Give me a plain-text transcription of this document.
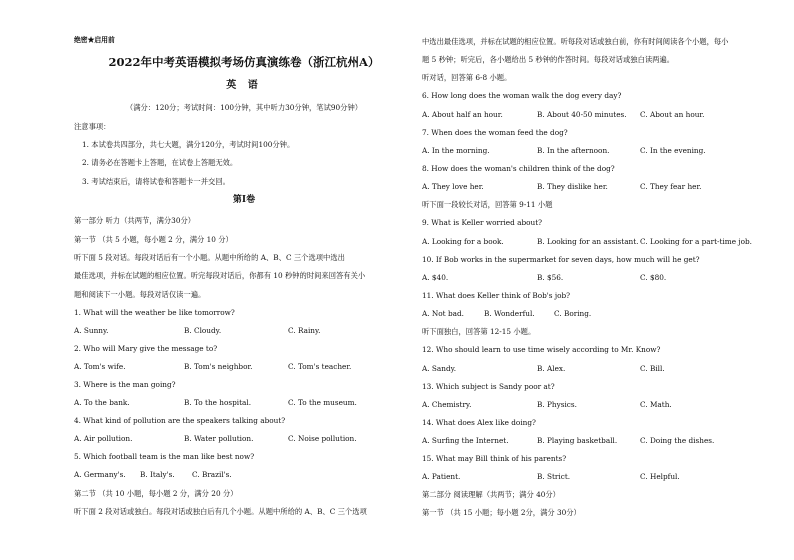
绝密★启用前
2022年中考英语模拟考场仿真演练卷（浙江杭州A）
英 语
（满分：120分；考试时间：100分钟，其中听力30分钟，笔试90分钟）
注意事项：
1. 本试卷共四部分，共七大题，满分120分，考试时间100分钟。
2. 请务必在答题卡上答题，在试卷上答题无效。
3. 考试结束后，请将试卷和答题卡一并交回。
第I卷
第一部分 听力（共两节，满分30分）
第一节 （共 5 小题，每小题 2 分，满分 10 分）
听下面 5 段对话。每段对话后有一个小题。从题中所给的 A、B、C 三个选项中选出
最佳选项，并标在试题的相应位置。听完每段对话后，你都有 10 秒钟的时间来回答有关小
题和阅读下一小题。每段对话仅读一遍。
1. What will the weather be like tomorrow?
A. Sunny.	B. Cloudy.	C. Rainy.
2. Who will Mary give the message to?
A. Tom's wife.	B. Tom's neighbor.	C. Tom's teacher.
3. Where is the man going?
A. To the bank.	B. To the hospital.	C. To the museum.
4. What kind of pollution are the speakers talking about?
A. Air pollution.	B. Water pollution.	C. Noise pollution.
5. Which football team is the man like best now?
A. Germany's. B. Italy's. C. Brazil's.
第二节 （共 10 小题，每小题 2 分，满分 20 分）
听下面 2 段对话或独白。每段对话或独白后有几个小题。从题中所给的 A、B、C 三个选项
中选出最佳选项，并标在试题的相应位置。听每段对话或独白前，你有时间阅读各个小题，每小
题 5 秒钟；听完后，各小题给出 5 秒钟的作答时间。每段对话或独白读两遍。
听对话，回答第 6-8 小题。
6. How long does the woman walk the dog every day?
A. About half an hour.	B. About 40-50 minutes. C. About an hour.
7. When does the woman feed the dog?
A. In the morning.	B. In the afternoon.	C. In the evening.
8. How does the woman's children think of the dog?
A. They love her.	B. They dislike her.	C. They fear her.
听下面一段较长对话，回答第 9-11 小题
9. What is Keller worried about?
A. Looking for a book.	B. Looking for an assistant. C. Looking for a part-time job.
10. If Bob works in the supermarket for seven days, how much will he get?
A. $40.	B. $56.	C. $80.
11. What does Keller think of Bob's job?
A. Not bad.	B. Wonderful.	C. Boring.
听下面独白，回答第 12-15 小题。
12. Who should learn to use time wisely according to Mr. Know?
A. Sandy.	B. Alex.	C. Bill.
13. Which subject is Sandy poor at?
A. Chemistry.	B. Physics.	C. Math.
14. What does Alex like doing?
A. Surfing the Internet.	B. Playing basketball.	C. Doing the dishes.
15. What may Bill think of his parents?
A. Patient.	B. Strict.	C. Helpful.
第二部分 阅读理解（共两节；满分 40分）
第一节 （共 15 小题；每小题 2分，满分 30分）
